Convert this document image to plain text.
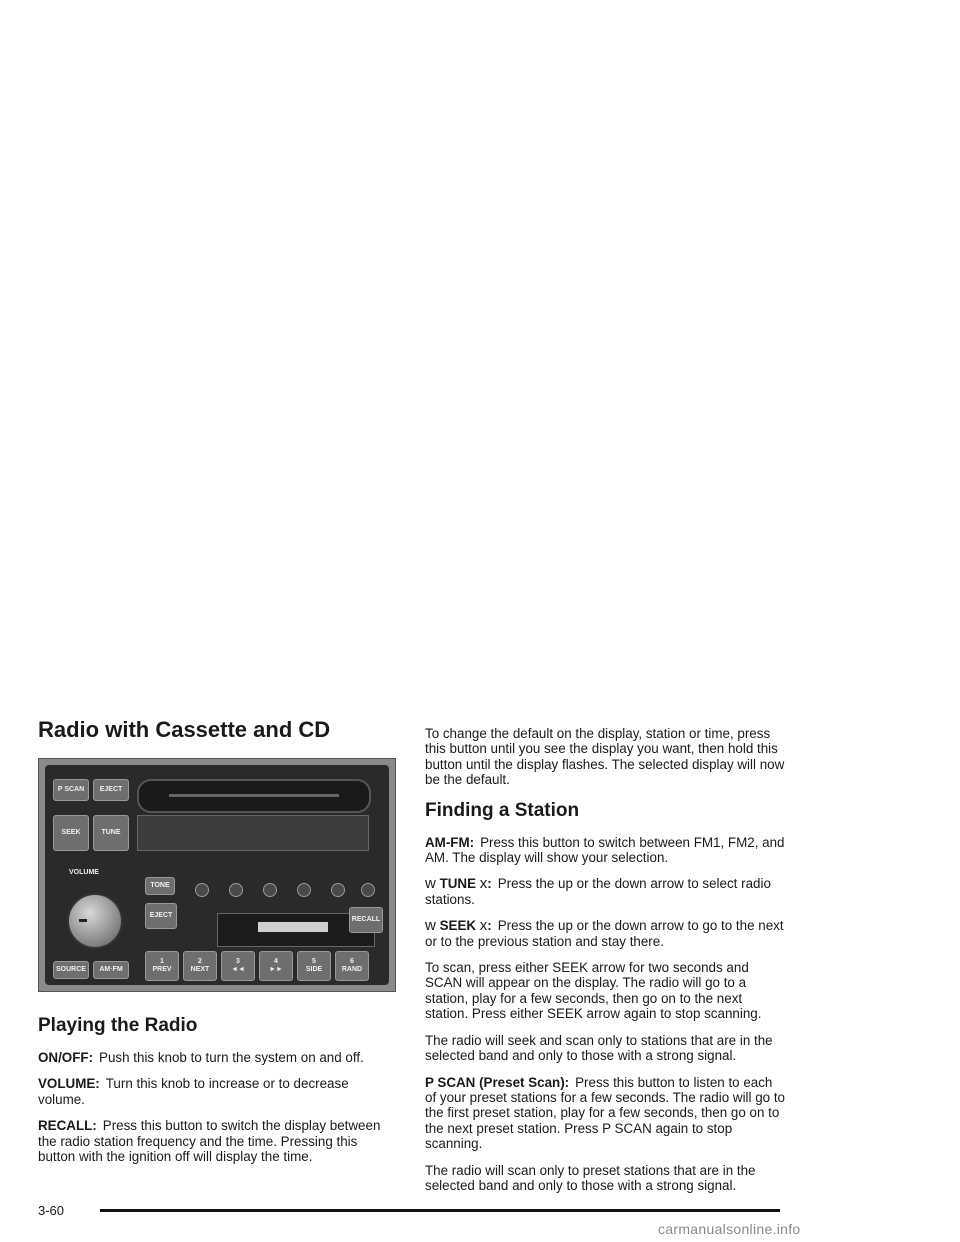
Radio with Cassette and CD
P SCAN	EJECT
SEEK	TUNE
VOLUME
TONE
EJECT
RECALL
SOURCE	AM·FM
1
PREV
2
NEXT
3
◄◄
4
►►
5
SIDE
6
RAND
Playing the Radio

ON/OFF: Push this knob to turn the system on and off.

VOLUME: Turn this knob to increase or to decrease volume.

RECALL: Press this button to switch the display between the radio station frequency and the time. Pressing this button with the ignition off will display the time.

To change the default on the display, station or time, press this button until you see the display you want, then hold this button until the display flashes. The selected display will now be the default.

Finding a Station

AM-FM: Press this button to switch between FM1, FM2, and AM. The display will show your selection.

w TUNE x: Press the up or the down arrow to select radio stations.

w SEEK x: Press the up or the down arrow to go to the next or to the previous station and stay there.

To scan, press either SEEK arrow for two seconds and SCAN will appear on the display. The radio will go to a station, play for a few seconds, then go on to the next station. Press either SEEK arrow again to stop scanning.

The radio will seek and scan only to stations that are in the selected band and only to those with a strong signal.

P SCAN (Preset Scan): Press this button to listen to each of your preset stations for a few seconds. The radio will go to the first preset station, play for a few seconds, then go on to the next preset station. Press P SCAN again to stop scanning.

The radio will scan only to preset stations that are in the selected band and only to those with a strong signal.

3-60
carmanualsonline.info
